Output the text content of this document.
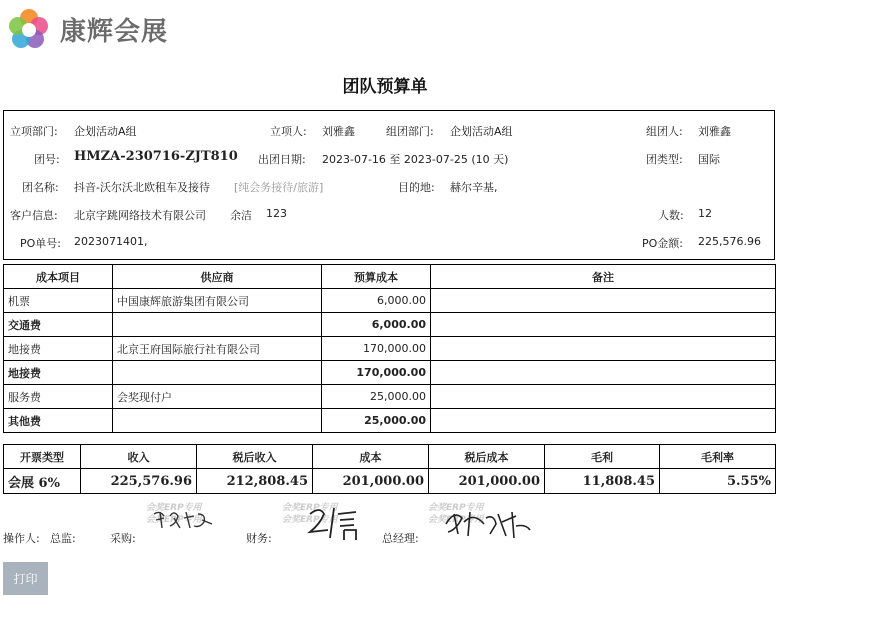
康辉会展
团队预算单
立项部门: 企划活动A组	立项人: 刘雅鑫	组团部门: 企划活动A组	组团人: 刘雅鑫
团号: HMZA-230716-ZJT810 出团日期: 2023-07-16 至 2023-07-25 (10 天)	团类型: 国际
团名称: 抖音-沃尔沃北欧租车及接待 [纯会务接待/旅游]	目的地: 赫尔辛基,
客户信息: 北京字跳网络技术有限公司 余洁 123	人数: 12
PO单号: 2023071401,	PO金额: 225,576.96
成本项目	供应商	预算成本	备注
机票	中国康辉旅游集团有限公司	6,000.00	
交通费		6,000.00	
地接费	北京王府国际旅行社有限公司	170,000.00	
地接费		170,000.00	
服务费	会奖现付户	25,000.00	
其他费		25,000.00	
开票类型	收入	税后收入	成本	税后成本	毛利	毛利率
会展 6%	225,576.96	212,808.45	201,000.00	201,000.00	11,808.45	5.55%
会奖ERP专用
会奖ERP专用
会奖ERP专用
会奖ERP专用
会奖ERP专用
会奖ERP专用
操作人: 总监:	采购:	财务:	总经理:
打印
